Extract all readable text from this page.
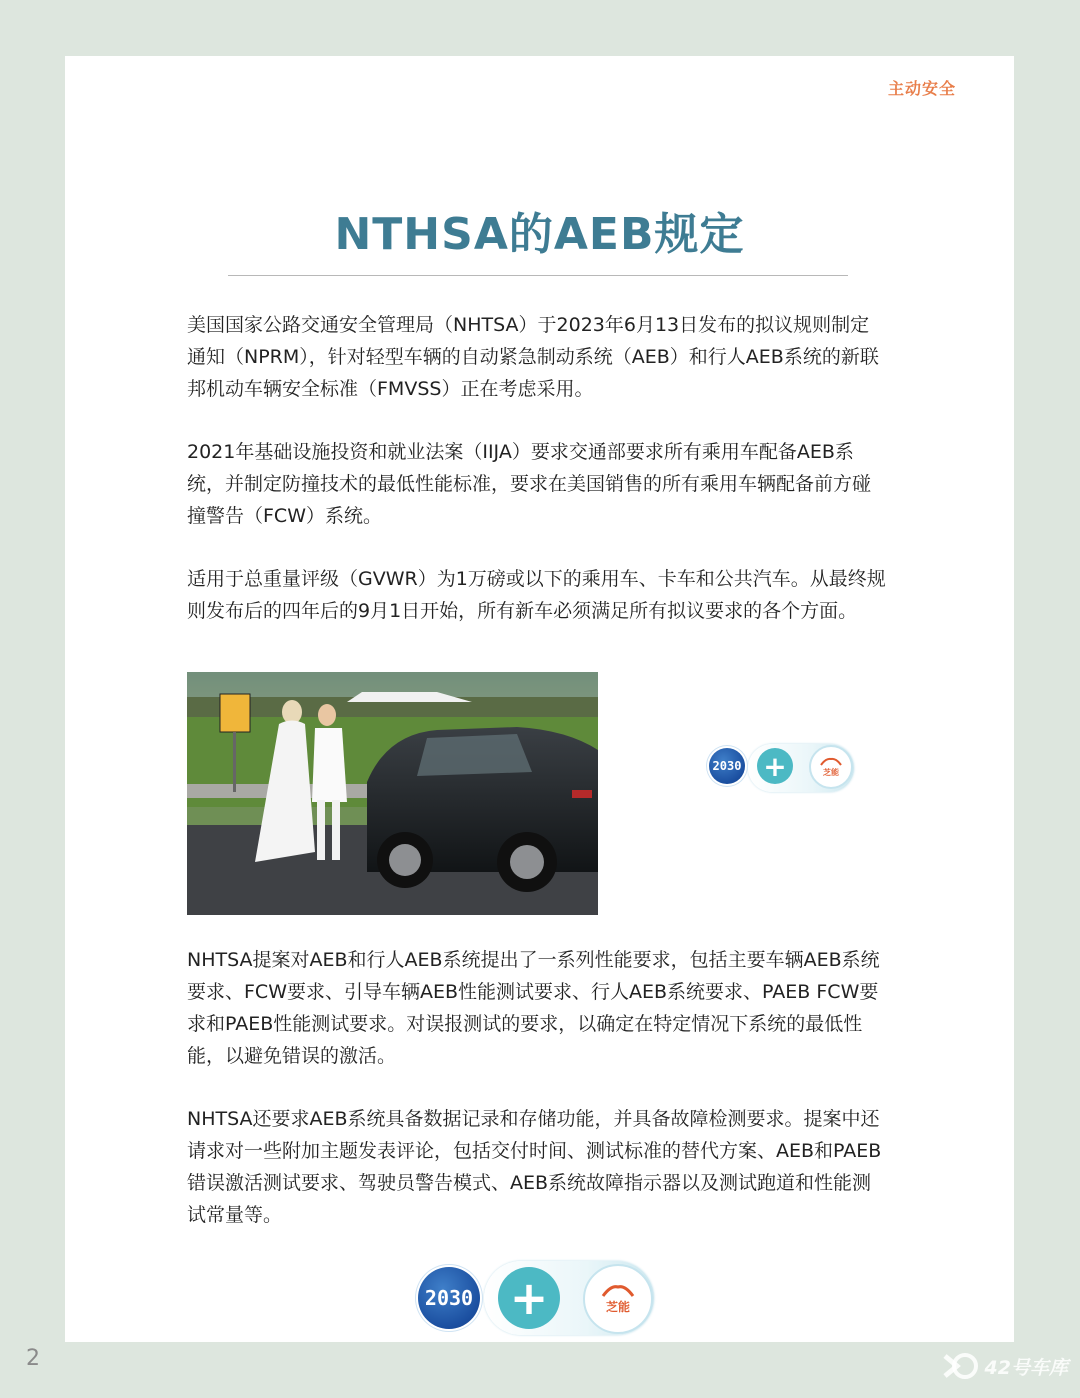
主动安全
NTHSA的AEB规定

美国国家公路交通安全管理局（NHTSA）于2023年6月13日发布的拟议规则制定通知（NPRM），针对轻型车辆的自动紧急制动系统（AEB）和行人AEB系统的新联邦机动车辆安全标准（FMVSS）正在考虑采用。

2021年基础设施投资和就业法案（IIJA）要求交通部要求所有乘用车配备AEB系统，并制定防撞技术的最低性能标准，要求在美国销售的所有乘用车辆配备前方碰撞警告（FCW）系统。

适用于总重量评级（GVWR）为1万磅或以下的乘用车、卡车和公共汽车。从最终规则发布后的四年后的9月1日开始，所有新车必须满足所有拟议要求的各个方面。

2030 +	芝能

NHTSA提案对AEB和行人AEB系统提出了一系列性能要求，包括主要车辆AEB系统要求、FCW要求、引导车辆AEB性能测试要求、行人AEB系统要求、PAEB FCW要求和PAEB性能测试要求。对误报测试的要求，以确定在特定情况下系统的最低性能，以避免错误的激活。

NHTSA还要求AEB系统具备数据记录和存储功能，并具备故障检测要求。提案中还请求对一些附加主题发表评论，包括交付时间、测试标准的替代方案、AEB和PAEB错误激活测试要求、驾驶员警告模式、AEB系统故障指示器以及测试跑道和性能测试常量等。

2030 +	芝能
2	42号车库
